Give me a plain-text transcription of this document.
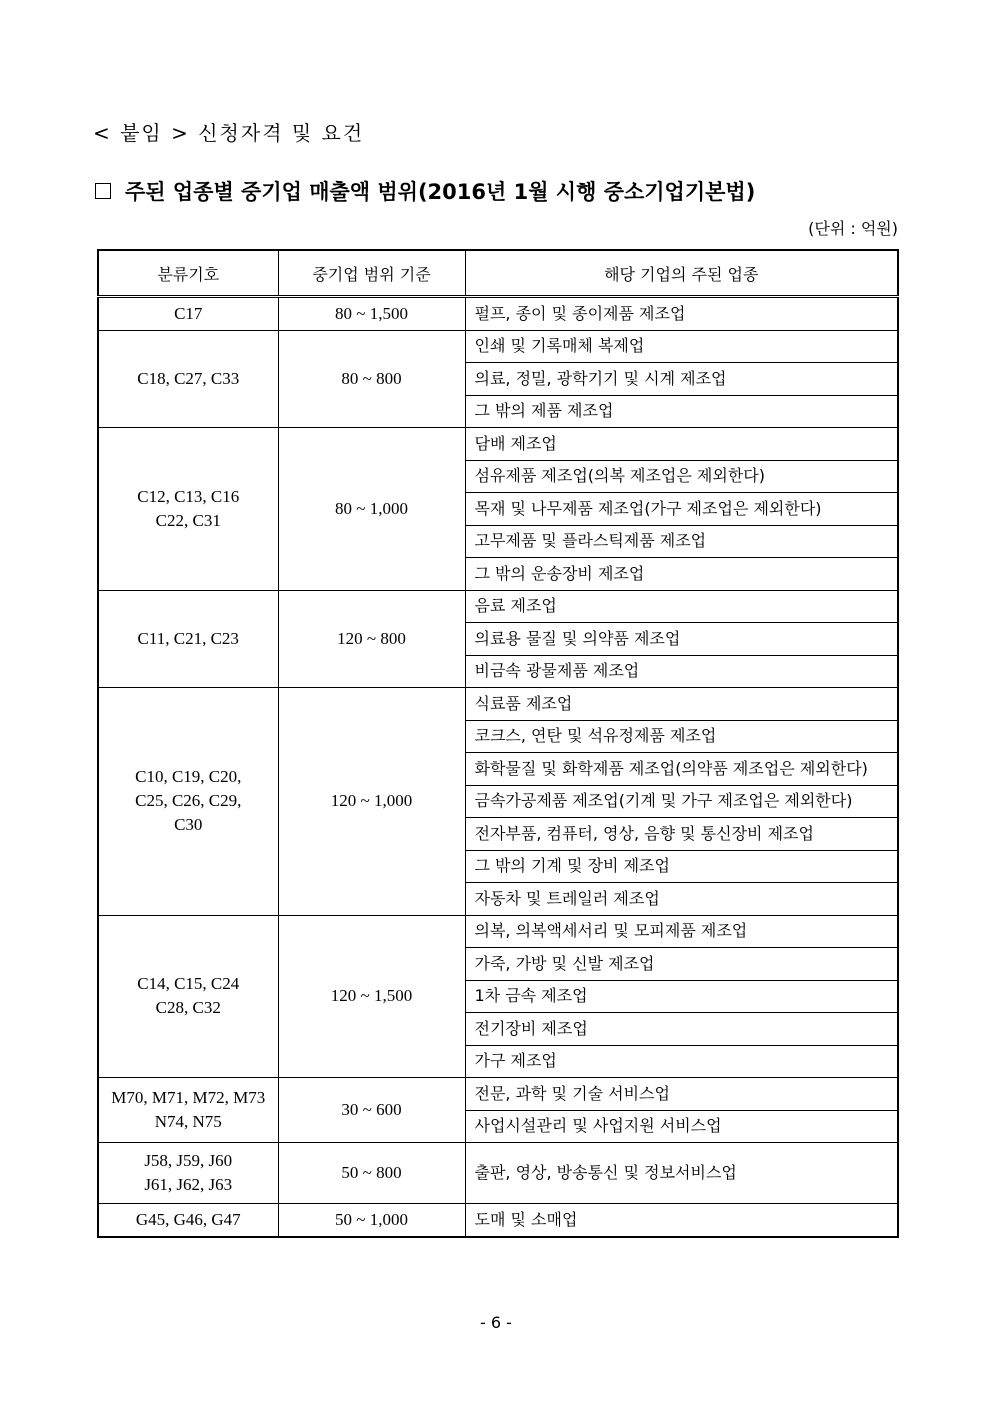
< 붙임 > 신청자격 및 요건
주된 업종별 중기업 매출액 범위(2016년 1월 시행 중소기업기본법)
(단위 : 억원)
분류기호	중기업 범위 기준	해당 기업의 주된 업종

C17	80 ~ 1,500	펄프, 종이 및 종이제품 제조업

C18, C27, C33	80 ~ 800	인쇄 및 기록매체 복제업
		의료, 정밀, 광학기기 및 시계 제조업
		그 밖의 제품 제조업

C12, C13, C16
C22, C31	80 ~ 1,000	담배 제조업
		섬유제품 제조업(의복 제조업은 제외한다)
		목재 및 나무제품 제조업(가구 제조업은 제외한다)
		고무제품 및 플라스틱제품 제조업
		그 밖의 운송장비 제조업

C11, C21, C23	120 ~ 800	음료 제조업
		의료용 물질 및 의약품 제조업
		비금속 광물제품 제조업

C10, C19, C20,
C25, C26, C29,
C30	120 ~ 1,000	식료품 제조업
		코크스, 연탄 및 석유정제품 제조업
		화학물질 및 화학제품 제조업(의약품 제조업은 제외한다)
		금속가공제품 제조업(기계 및 가구 제조업은 제외한다)
		전자부품, 컴퓨터, 영상, 음향 및 통신장비 제조업
		그 밖의 기계 및 장비 제조업
		자동차 및 트레일러 제조업

C14, C15, C24
C28, C32	120 ~ 1,500	의복, 의복액세서리 및 모피제품 제조업
		가죽, 가방 및 신발 제조업
		1차 금속 제조업
		전기장비 제조업
		가구 제조업

M70, M71, M72, M73
N74, N75	30 ~ 600	전문, 과학 및 기술 서비스업
		사업시설관리 및 사업지원 서비스업

J58, J59, J60
J61, J62, J63	50 ~ 800	출판, 영상, 방송통신 및 정보서비스업

G45, G46, G47	50 ~ 1,000	도매 및 소매업
- 6 -
